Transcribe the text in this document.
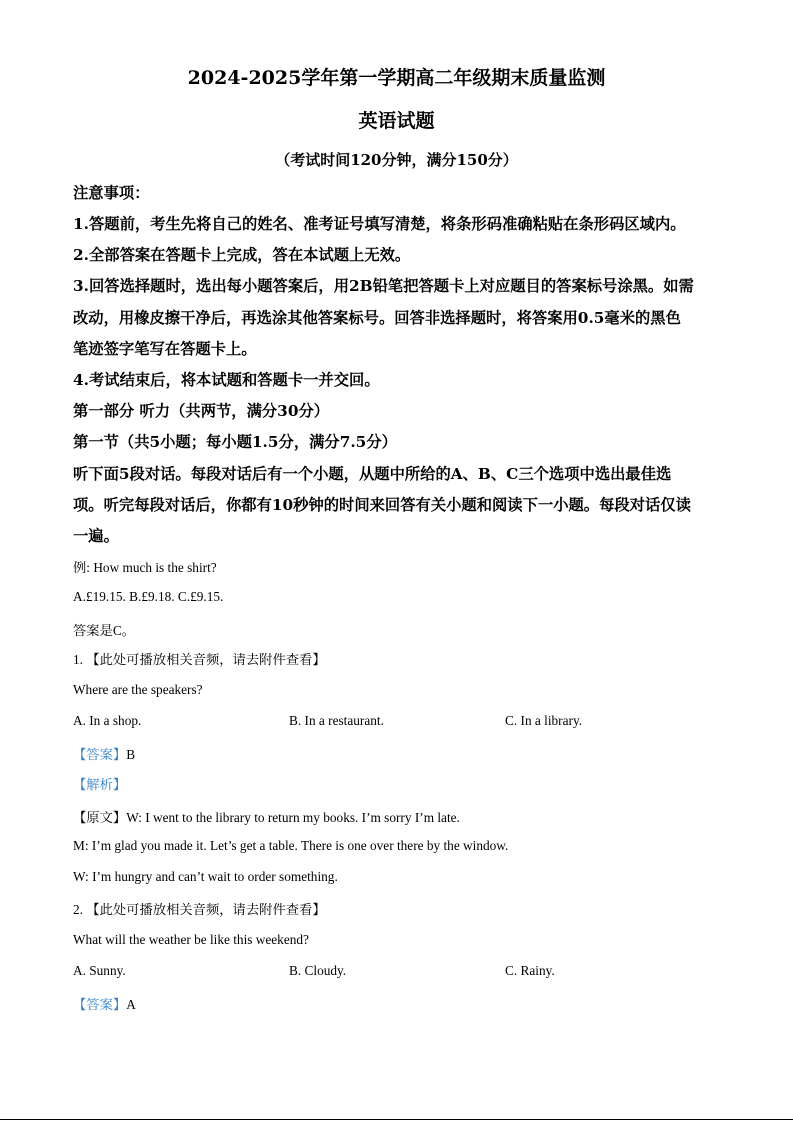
2024-2025学年第一学期高二年级期末质量监测
英语试题
（考试时间120分钟，满分150分）
注意事项：
1.答题前，考生先将自己的姓名、准考证号填写清楚，将条形码准确粘贴在条形码区域内。
2.全部答案在答题卡上完成，答在本试题上无效。
3.回答选择题时，选出每小题答案后，用2B铅笔把答题卡上对应题目的答案标号涂黑。如需
改动，用橡皮擦干净后，再选涂其他答案标号。回答非选择题时，将答案用0.5毫米的黑色
笔迹签字笔写在答题卡上。
4.考试结束后，将本试题和答题卡一并交回。
第一部分 听力（共两节，满分30分）
第一节（共5小题；每小题1.5分，满分7.5分）
听下面5段对话。每段对话后有一个小题，从题中所给的A、B、C三个选项中选出最佳选
项。听完每段对话后，你都有10秒钟的时间来回答有关小题和阅读下一小题。每段对话仅读
一遍。
例: How much is the shirt?
A.£19.15. B.£9.18. C.£9.15.
答案是C。
1. 【此处可播放相关音频，请去附件查看】
Where are the speakers?
A. In a shop.	B. In a restaurant.	C. In a library.
【答案】B
【解析】
【原文】W: I went to the library to return my books. I’m sorry I’m late.
M: I’m glad you made it. Let’s get a table. There is one over there by the window.
W: I’m hungry and can’t wait to order something.
2. 【此处可播放相关音频，请去附件查看】
What will the weather be like this weekend?
A. Sunny.	B. Cloudy.	C. Rainy.
【答案】A
